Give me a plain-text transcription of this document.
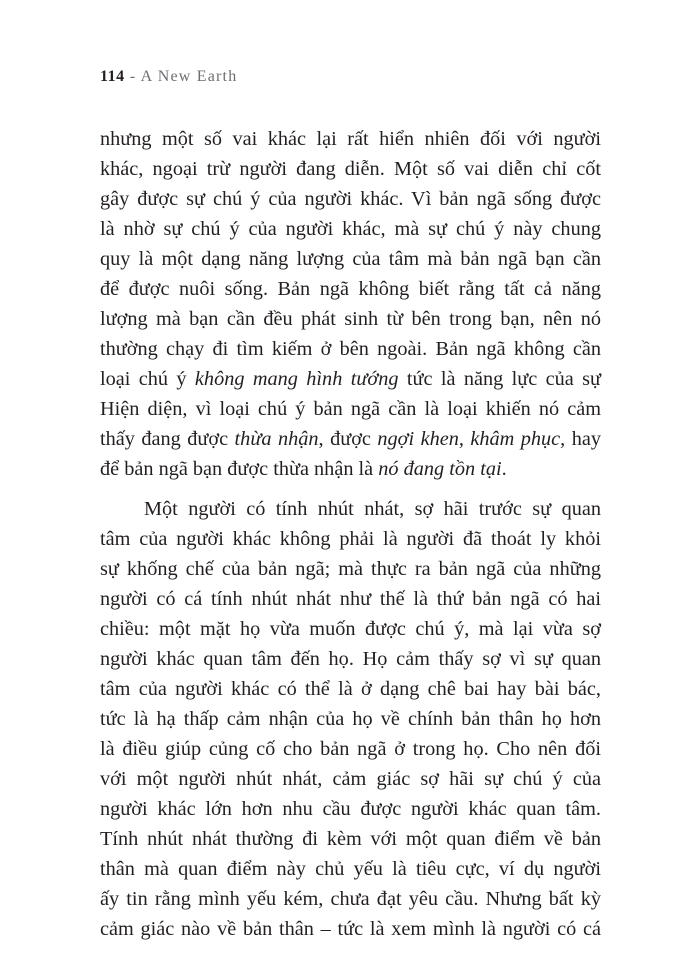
114 - A New Earth
nhưng một số vai khác lại rất hiển nhiên đối với người
khác, ngoại trừ người đang diễn. Một số vai diễn chỉ cốt
gây được sự chú ý của người khác. Vì bản ngã sống được
là nhờ sự chú ý của người khác, mà sự chú ý này chung
quy là một dạng năng lượng của tâm mà bản ngã bạn cần
để được nuôi sống. Bản ngã không biết rằng tất cả năng
lượng mà bạn cần đều phát sinh từ bên trong bạn, nên nó
thường chạy đi tìm kiếm ở bên ngoài. Bản ngã không cần
loại chú ý không mang hình tướng tức là năng lực của sự
Hiện diện, vì loại chú ý bản ngã cần là loại khiến nó cảm
thấy đang được thừa nhận, được ngợi khen, khâm phục, hay
để bản ngã bạn được thừa nhận là nó đang tồn tại.
Một người có tính nhút nhát, sợ hãi trước sự quan
tâm của người khác không phải là người đã thoát ly khỏi
sự khống chế của bản ngã; mà thực ra bản ngã của những
người có cá tính nhút nhát như thế là thứ bản ngã có hai
chiều: một mặt họ vừa muốn được chú ý, mà lại vừa sợ
người khác quan tâm đến họ. Họ cảm thấy sợ vì sự quan
tâm của người khác có thể là ở dạng chê bai hay bài bác,
tức là hạ thấp cảm nhận của họ về chính bản thân họ hơn
là điều giúp củng cố cho bản ngã ở trong họ. Cho nên đối
với một người nhút nhát, cảm giác sợ hãi sự chú ý của
người khác lớn hơn nhu cầu được người khác quan tâm.
Tính nhút nhát thường đi kèm với một quan điểm về bản
thân mà quan điểm này chủ yếu là tiêu cực, ví dụ người
ấy tin rằng mình yếu kém, chưa đạt yêu cầu. Nhưng bất kỳ
cảm giác nào về bản thân – tức là xem mình là người có cá
